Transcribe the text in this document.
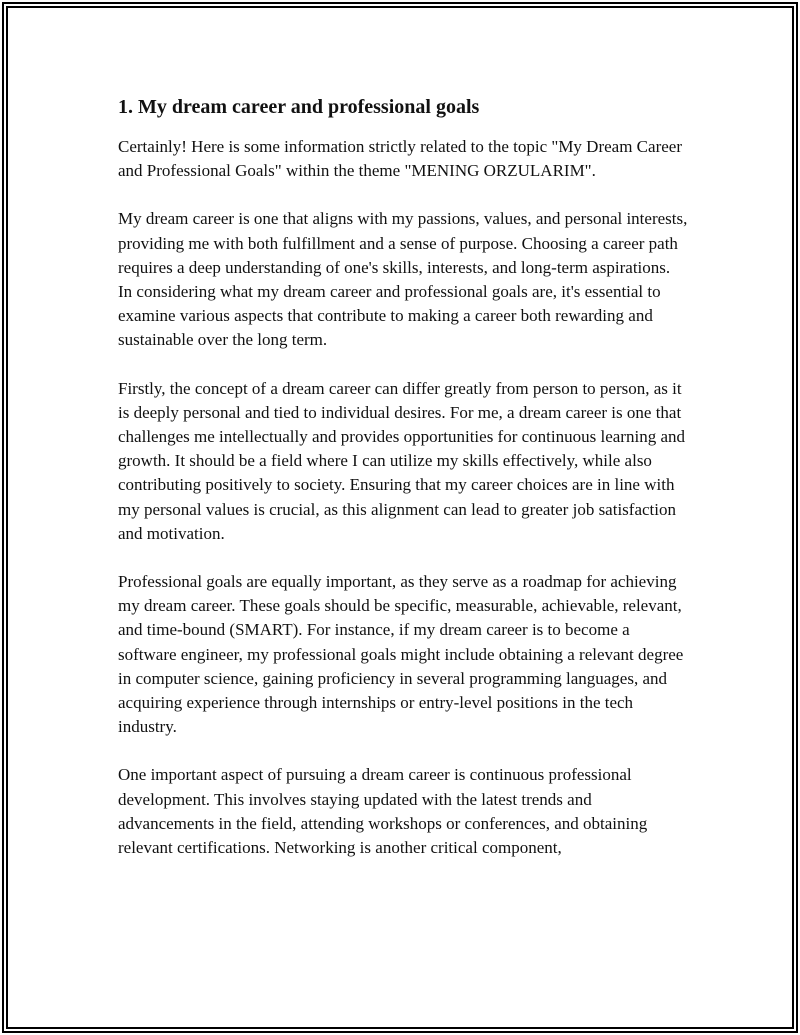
1. My dream career and professional goals

Certainly! Here is some information strictly related to the topic "My Dream Career and Professional Goals" within the theme "MENING ORZULARIM".

My dream career is one that aligns with my passions, values, and personal interests, providing me with both fulfillment and a sense of purpose. Choosing a career path requires a deep understanding of one's skills, interests, and long-term aspirations. In considering what my dream career and professional goals are, it's essential to examine various aspects that contribute to making a career both rewarding and sustainable over the long term.

Firstly, the concept of a dream career can differ greatly from person to person, as it is deeply personal and tied to individual desires. For me, a dream career is one that challenges me intellectually and provides opportunities for continuous learning and growth. It should be a field where I can utilize my skills effectively, while also contributing positively to society. Ensuring that my career choices are in line with my personal values is crucial, as this alignment can lead to greater job satisfaction and motivation.

Professional goals are equally important, as they serve as a roadmap for achieving my dream career. These goals should be specific, measurable, achievable, relevant, and time-bound (SMART). For instance, if my dream career is to become a software engineer, my professional goals might include obtaining a relevant degree in computer science, gaining proficiency in several programming languages, and acquiring experience through internships or entry-level positions in the tech industry.

One important aspect of pursuing a dream career is continuous professional development. This involves staying updated with the latest trends and advancements in the field, attending workshops or conferences, and obtaining relevant certifications. Networking is another critical component,
